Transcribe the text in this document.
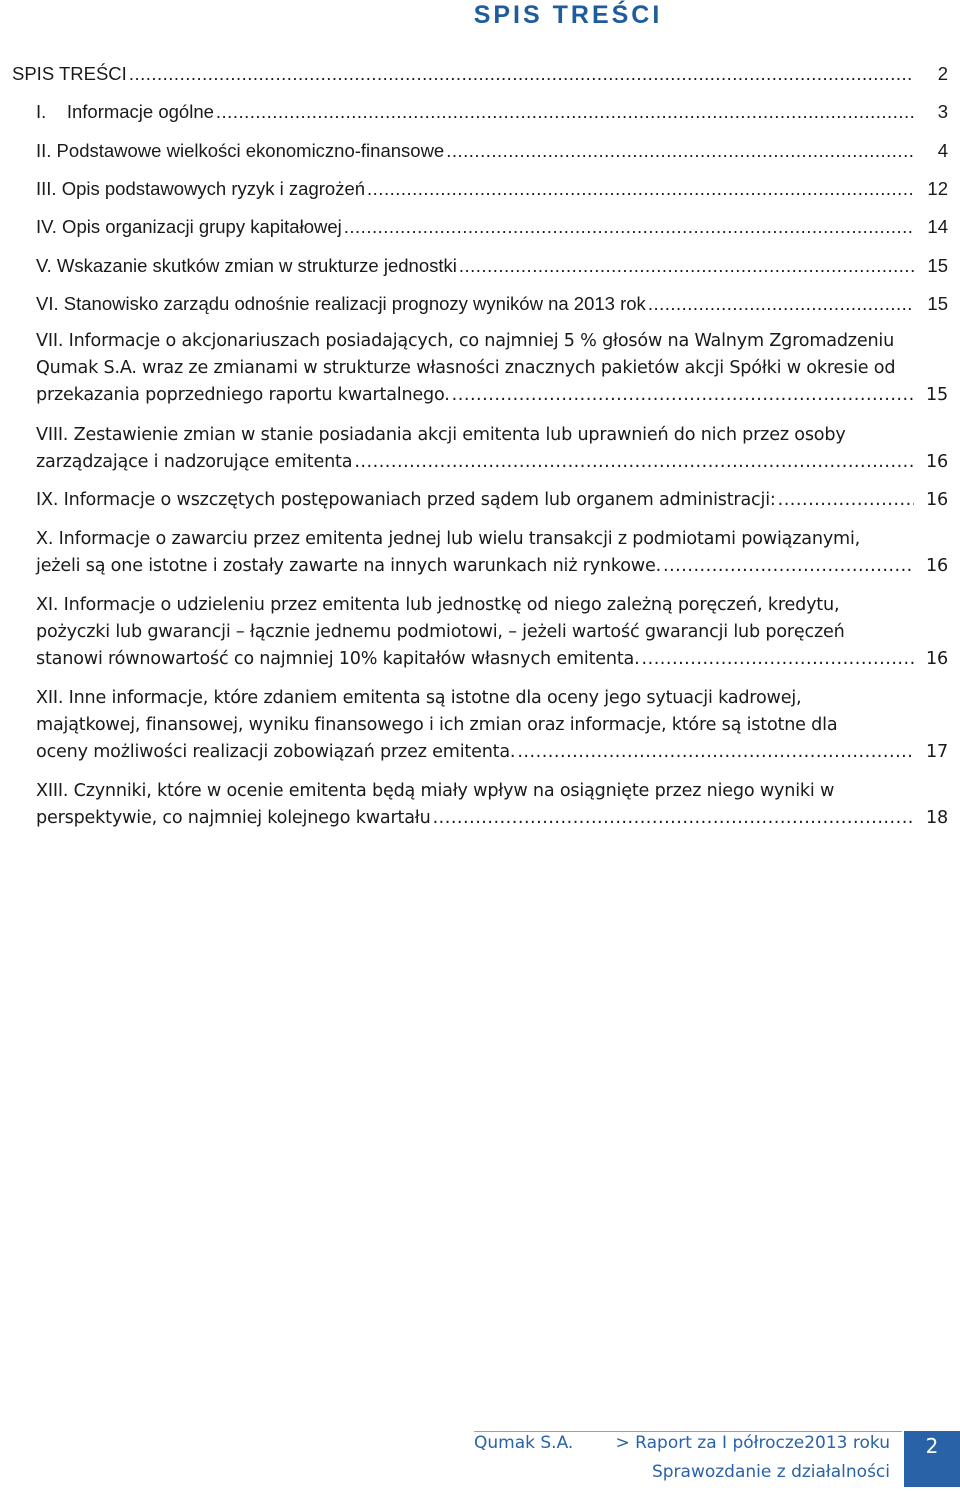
SPIS TREŚCI
SPIS TREŚCI .....	2
I.    Informacje ogólne .....	3
II. Podstawowe wielkości ekonomiczno-finansowe .....	4
III. Opis podstawowych ryzyk i zagrożeń .....	12
IV. Opis organizacji grupy kapitałowej .....	14
V. Wskazanie skutków zmian w strukturze jednostki .....	15
VI. Stanowisko zarządu odnośnie realizacji prognozy wyników na 2013 rok .....	15
VII. Informacje o akcjonariuszach posiadających, co najmniej 5 % głosów na Walnym Zgromadzeniu
Qumak S.A. wraz ze zmianami w strukturze własności znacznych pakietów akcji Spółki w okresie od
przekazania poprzedniego raportu kwartalnego. .....	15
VIII. Zestawienie zmian w stanie posiadania akcji emitenta lub uprawnień do nich przez osoby
zarządzające i nadzorujące emitenta .....	16
IX. Informacje o wszczętych postępowaniach przed sądem lub organem administracji: .....	16
X. Informacje o zawarciu przez emitenta jednej lub wielu transakcji z podmiotami powiązanymi,
jeżeli są one istotne i zostały zawarte na innych warunkach niż rynkowe. .....	16
XI. Informacje o udzieleniu przez emitenta lub jednostkę od niego zależną poręczeń, kredytu,
pożyczki lub gwarancji – łącznie jednemu podmiotowi, – jeżeli wartość gwarancji lub poręczeń
stanowi równowartość co najmniej 10% kapitałów własnych emitenta. .....	16
XII. Inne informacje, które zdaniem emitenta są istotne dla oceny jego sytuacji kadrowej,
majątkowej, finansowej, wyniku finansowego i ich zmian oraz informacje, które są istotne dla
oceny możliwości realizacji zobowiązań przez emitenta. .....	17
XIII. Czynniki, które w ocenie emitenta będą miały wpływ na osiągnięte przez niego wyniki w
perspektywie, co najmniej kolejnego kwartału .....	18
Qumak S.A. > Raport za I półrocze2013 roku
Sprawozdanie z działalności
2
